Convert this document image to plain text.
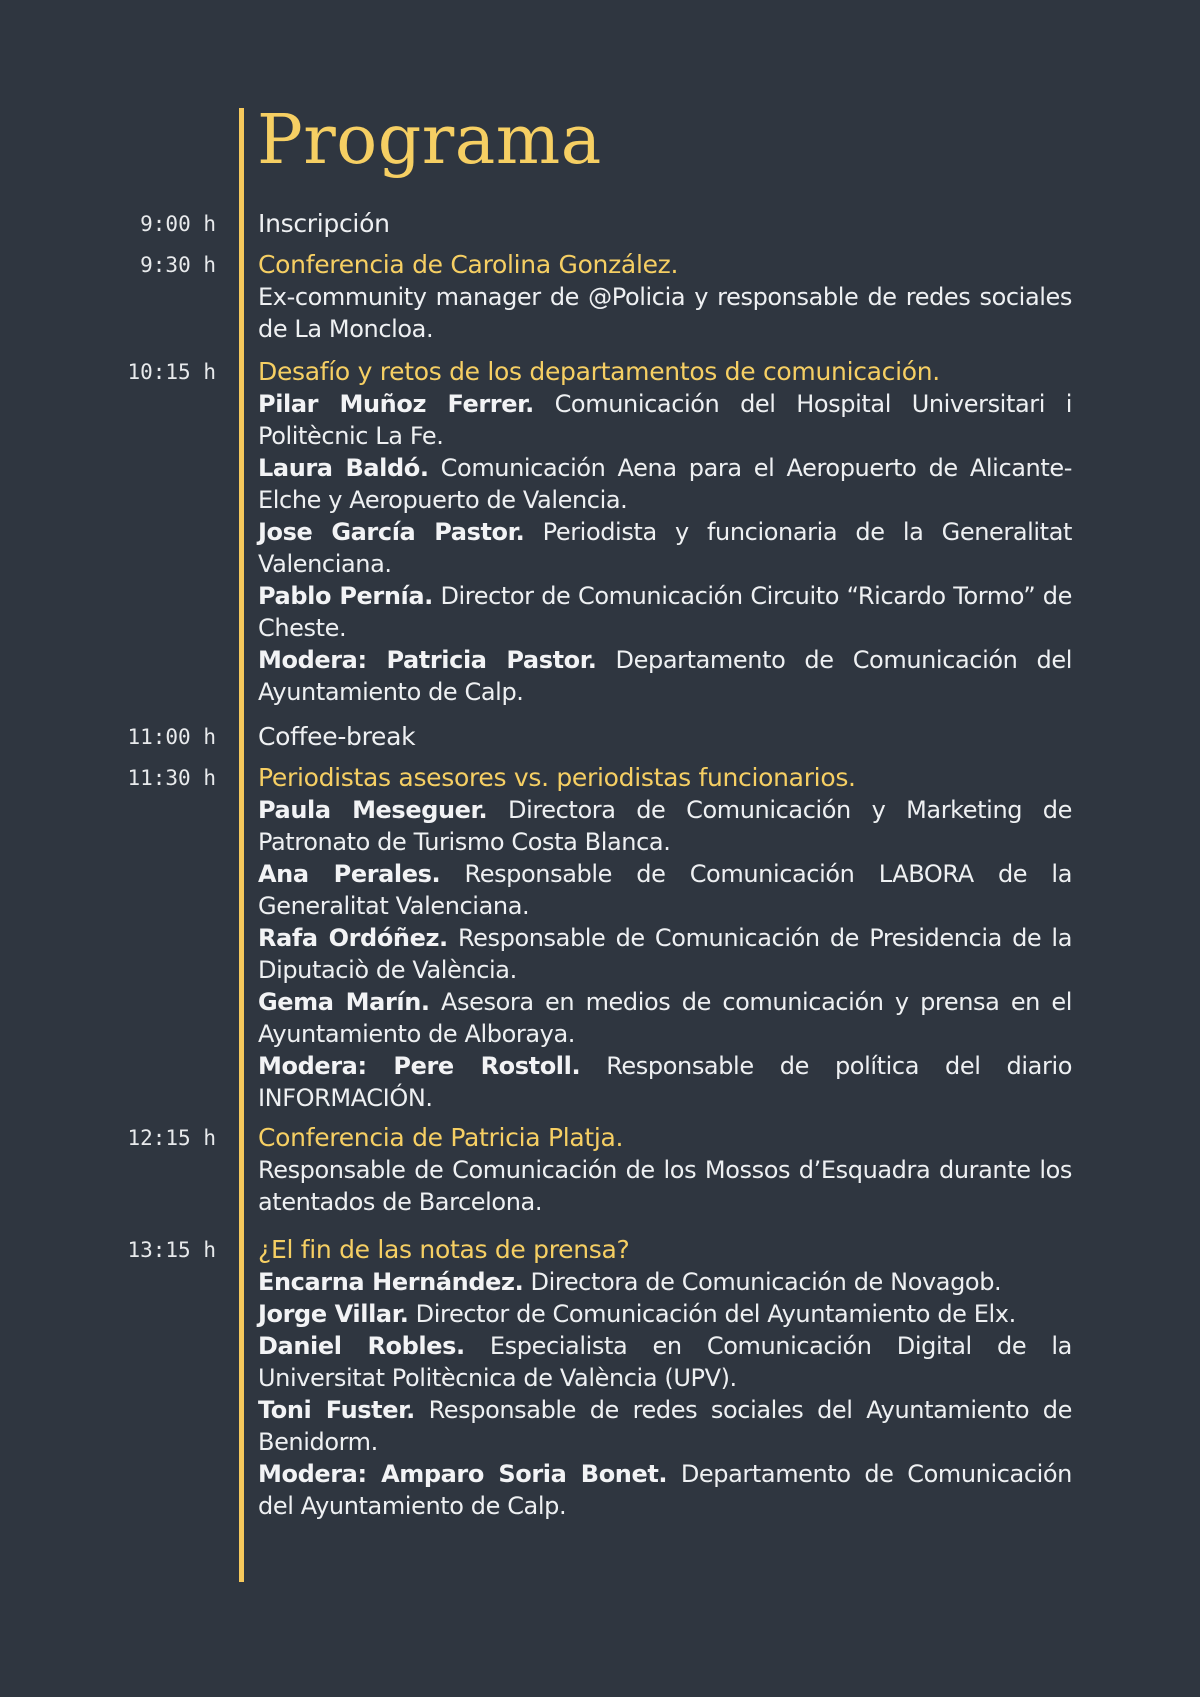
Programa
9:00 h Inscripción
9:30 h Conferencia de Carolina González.

Ex-community manager de @Policia y responsable de redes sociales de La Moncloa.

10:15 h Desafío y retos de los departamentos de comunicación.

Pilar Muñoz Ferrer. Comunicación del Hospital Universitari i Politècnic La Fe.

Laura Baldó. Comunicación Aena para el Aeropuerto de Alicante-Elche y Aeropuerto de Valencia.

Jose García Pastor. Periodista y funcionaria de la Generalitat Valenciana.

Pablo Pernía. Director de Comunicación Circuito “Ricardo Tormo” de Cheste.

Modera: Patricia Pastor. Departamento de Comunicación del Ayuntamiento de Calp.

11:00 h Coffee-break
11:30 h Periodistas asesores vs. periodistas funcionarios.

Paula Meseguer. Directora de Comunicación y Marketing de Patronato de Turismo Costa Blanca.

Ana Perales. Responsable de Comunicación LABORA de la Generalitat Valenciana.

Rafa Ordóñez. Responsable de Comunicación de Presidencia de la Diputaciò de València.

Gema Marín. Asesora en medios de comunicación y prensa en el Ayuntamiento de Alboraya.

Modera: Pere Rostoll. Responsable de política del diario INFORMACIÓN.

12:15 h Conferencia de Patricia Platja.

Responsable de Comunicación de los Mossos d’Esquadra durante los atentados de Barcelona.

13:15 h ¿El fin de las notas de prensa?

Encarna Hernández. Directora de Comunicación de Novagob.

Jorge Villar. Director de Comunicación del Ayuntamiento de Elx.

Daniel Robles. Especialista en Comunicación Digital de la Universitat Politècnica de València (UPV).

Toni Fuster. Responsable de redes sociales del Ayuntamiento de Benidorm.

Modera: Amparo Soria Bonet. Departamento de Comunicación del Ayuntamiento de Calp.
